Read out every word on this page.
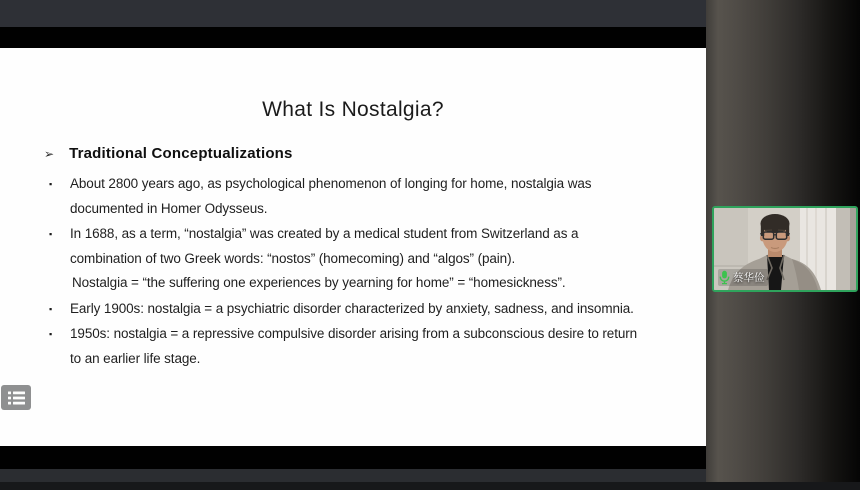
What Is Nostalgia?
➢ Traditional Conceptualizations
▪ About 2800 years ago, as psychological phenomenon of longing for home, nostalgia was documented in Homer Odysseus.
▪ In 1688, as a term, “nostalgia” was created by a medical student from Switzerland as a combination of two Greek words: “nostos” (homecoming) and “algos” (pain).
Nostalgia = “the suffering one experiences by yearning for home” = “homesickness”.
▪ Early 1900s: nostalgia = a psychiatric disorder characterized by anxiety, sadness, and insomnia.
▪ 1950s: nostalgia = a repressive compulsive disorder arising from a subconscious desire to return to an earlier life stage.
蔡华俭
